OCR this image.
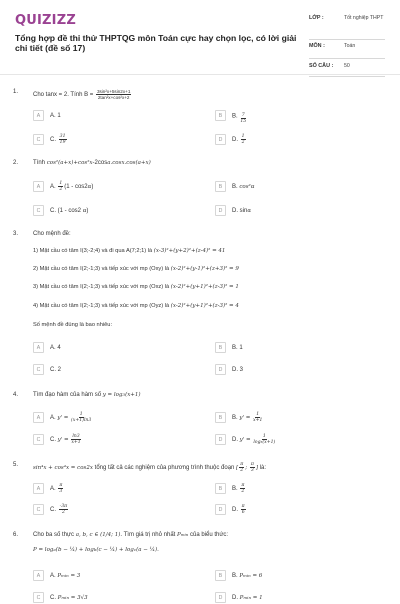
QUIZIZZ
Tổng hợp đề thi thử THPTQG môn Toán cực hay chọn lọc, có lời giải chi tiết (đề số 17)
LỚP :	Tốt nghiệp THPT
MÔN :	Toán
SỐ CÂU :	50
1.
Cho tanx = 2. Tính $B = \frac{\text{3sin²x+5sin2x+1}}{\text{2tan²x+cos²x+2}}$
A	A. 1	B	B. $\frac{7}{15}$
C	C. $\frac{31}{19}$	D	D. $\frac{1}{2}$
2. Tính cos²(a+x)+cos²x-2cosa.cosx.cos(a+x)
A	A. $\frac{1}{2} (1 - \cos 2\alpha)$	B	B. cos²α
C	C. (1 - cos2 α)	D	D. sinα
3. Cho mệnh đề:
1) Mặt cầu có tâm I(3;-2;4) và đi qua A(7;2;1) là (x-3)²+(y+2)²+(z-4)² = 41
2) Mặt cầu có tâm I(2;-1;3) và tiếp xúc với mp (Oxy) là (x-2)²+(y-1)²+(z+3)² = 9
3) Mặt cầu có tâm I(2;-1;3) và tiếp xúc với mp (Oxz) là (x-2)²+(y+1)²+(z-3)² = 1
4) Mặt cầu có tâm I(2;-1;3) và tiếp xúc với mp (Oyz) là (x-2)²+(y+1)²+(z-3)² = 4
Số mệnh đề đúng là bao nhiêu:
A	A. 4	B	B. 1
C	C. 2	D	D. 3
4. Tìm đạo hàm của hàm số y = log3(x+1)
A	A. $y' = \frac{1}{(x+1)\ln 3}$	B	B. $y' = \frac{1}{x+1}$
C	C. $y' = \frac{\ln 3}{x+1}$	D	D. $y' = \frac{1}{\text{log₃(x+1)}}$
5.	sin⁴x + cos⁴x = cos2x tổng tất cả các nghiệm của phương trình thuộc đoạn [ $\frac{\pi}{2}$ ; $\frac{\pi}{3}$ ] là:
A	A. $\frac{\pi}{3}$	B	B. $\frac{\pi}{2}$
C	C. $\frac{-3\pi}{2}$	D	D. $\frac{\pi}{6}$
6. Cho ba số thực a, b, c ∈ (1/4; 1). Tìm giá trị nhỏ nhất Pmin của biểu thức:
P = loga(b − ¼) + logb(c − ¼) + logc(a − ¼).
A	A. Pmin = 3	B	B. Pmin = 6
C	C. Pmin = 3√3	D	D. Pmin = 1
